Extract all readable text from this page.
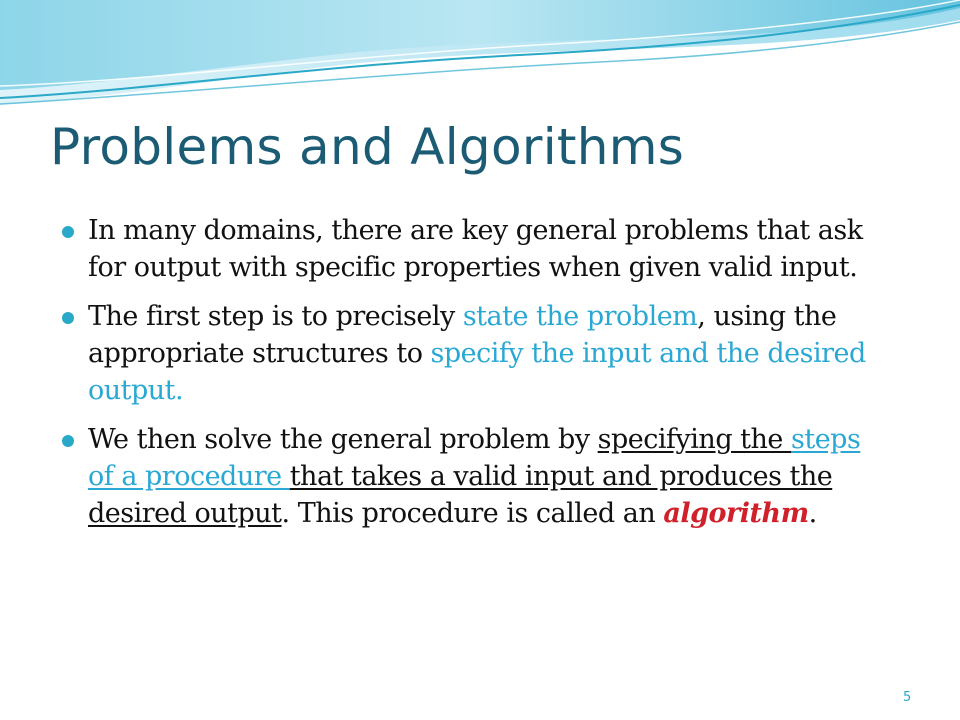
Problems and Algorithms
In many domains, there are key general problems that ask for output with specific properties when given valid input.
The first step is to precisely state the problem, using the appropriate structures to specify the input and the desired output.
We then solve the general problem by specifying the steps of a procedure that takes a valid input and produces the desired output. This procedure is called an algorithm.
5
